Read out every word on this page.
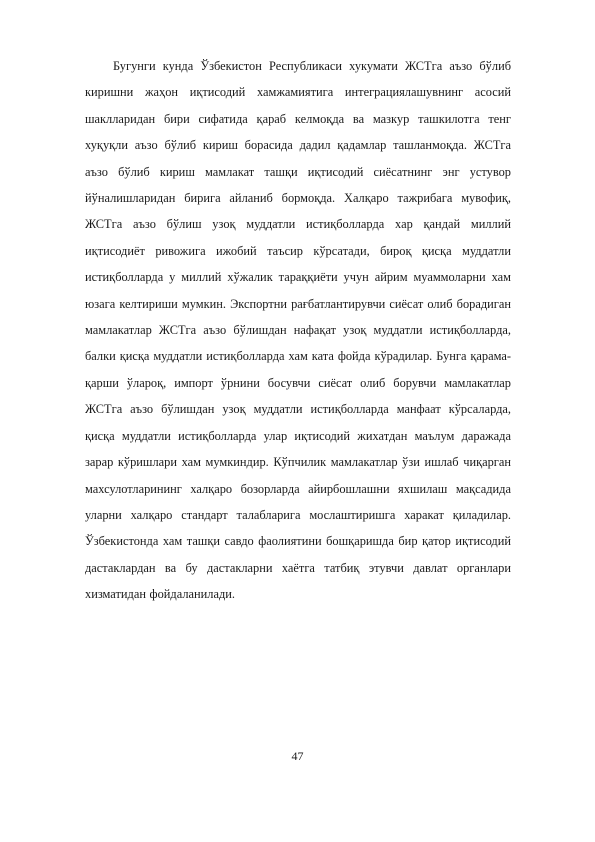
Бугунги кунда Ўзбекистон Республикаси хукумати ЖСТга аъзо бўлиб киришни жаҳон иқтисодий хамжамиятига интеграциялашувнинг асосий шаклларидан бири сифатида қараб келмоқда ва мазкур ташкилотга тенг хуқуқли аъзо бўлиб кириш борасида дадил қадамлар ташланмоқда. ЖСТга аъзо бўлиб кириш мамлакат ташқи иқтисодий сиёсатнинг энг устувор йўналишларидан бирига айланиб бормоқда. Халқаро тажрибага мувофиқ, ЖСТга аъзо бўлиш узоқ муддатли истиқболларда хар қандай миллий иқтисодиёт ривожига ижобий таъсир кўрсатади, бироқ қисқа муддатли истиқболларда у миллий хўжалик тараққиёти учун айрим муаммоларни хам юзага келтириши мумкин. Экспортни рағбатлантирувчи сиёсат олиб борадиган мамлакатлар ЖСТга аъзо бўлишдан нафақат узоқ муддатли истиқболларда, балки қисқа муддатли истиқболларда хам ката фойда кўрадилар. Бунга қарама-қарши ўлароқ, импорт ўрнини босувчи сиёсат олиб борувчи мамлакатлар ЖСТга аъзо бўлишдан узоқ муддатли истиқболларда манфаат кўрсаларда, қисқа муддатли истиқболларда улар иқтисодий жихатдан маълум даражада зарар кўришлари хам мумкиндир. Кўпчилик мамлакатлар ўзи ишлаб чиқарган махсулотларининг халқаро бозорларда айирбошлашни яхшилаш мақсадида уларни халқаро стандарт талабларига мослаштиришга харакат қиладилар. Ўзбекистонда хам ташқи савдо фаолиятини бошқаришда бир қатор иқтисодий дастаклардан ва бу дастакларни хаётга татбиқ этувчи давлат органлари хизматидан фойдаланилади.

47
